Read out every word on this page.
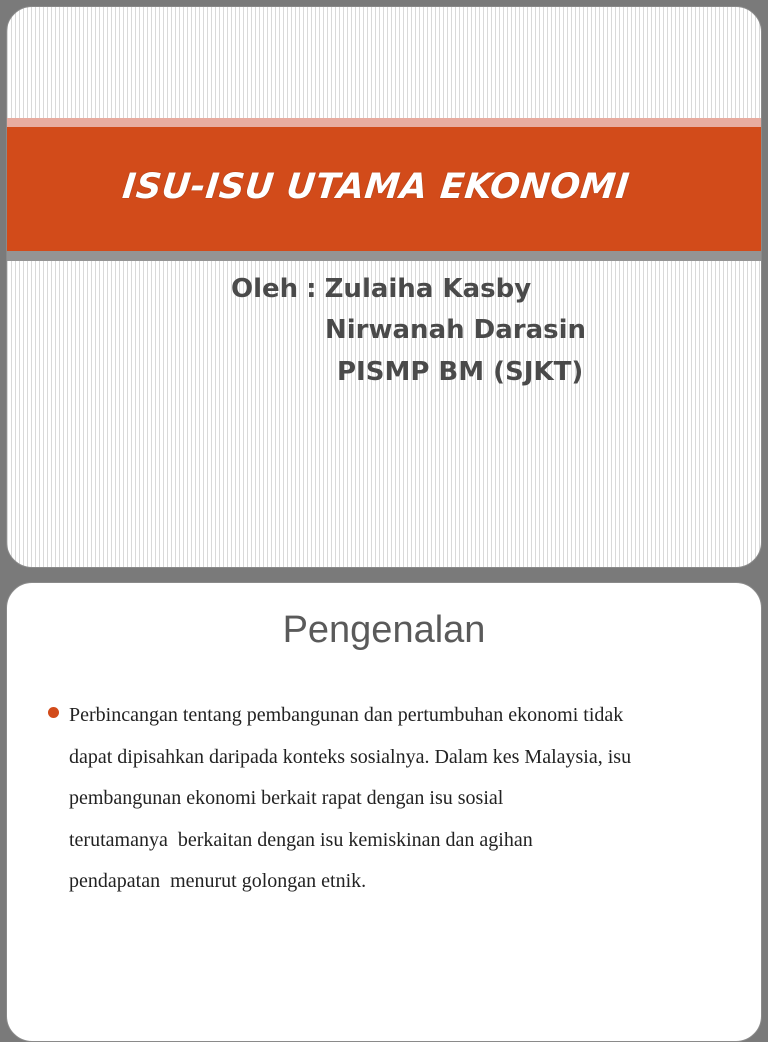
ISU-ISU UTAMA EKONOMI
Oleh : Zulaiha Kasby
Nirwanah Darasin
PISMP BM (SJKT)
Pengenalan
Perbincangan tentang pembangunan dan pertumbuhan ekonomi tidak
dapat dipisahkan daripada konteks sosialnya. Dalam kes Malaysia, isu
pembangunan ekonomi berkait rapat dengan isu sosial
terutamanya  berkaitan dengan isu kemiskinan dan agihan
pendapatan  menurut golongan etnik.
